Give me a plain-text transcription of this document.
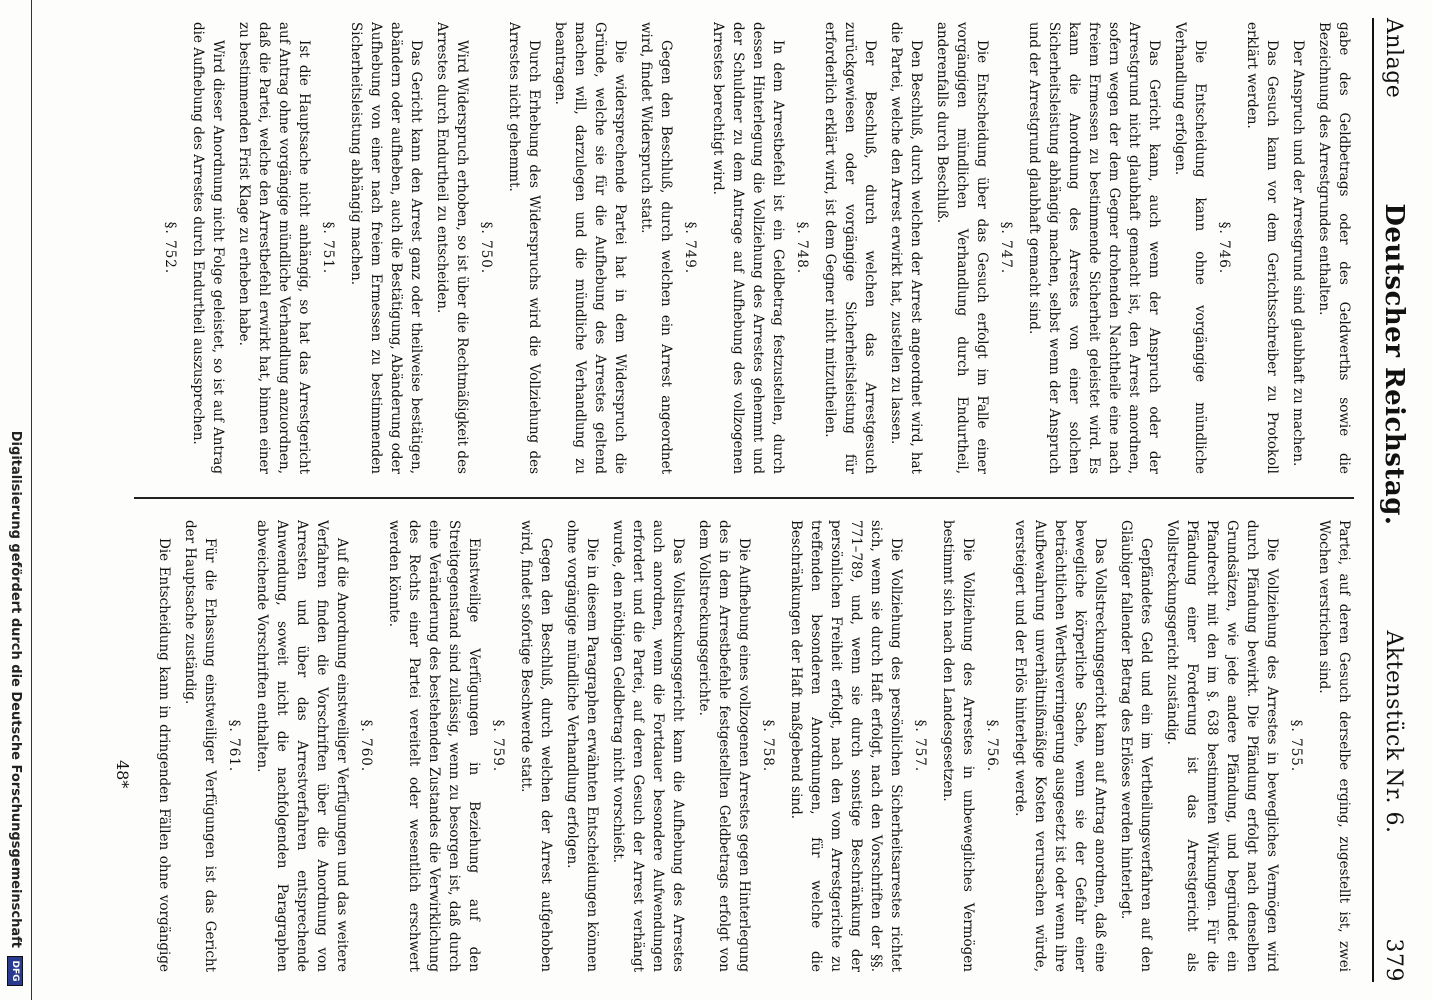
Anlage
Deutscher Reichstag.
Aktenstück Nr. 6.
379

gabe des Geldbetrags oder des Geldwerths sowie die Bezeichnung des Arrestgrundes enthalten.

Der Anspruch und der Arrestgrund sind glaubhaft zu machen.

Das Gesuch kann vor dem Gerichtsschreiber zu Protokoll erklärt werden.

§. 746.

Die Entscheidung kann ohne vorgängige mündliche Verhandlung erfolgen.

Das Gericht kann, auch wenn der Anspruch oder der Arrestgrund nicht glaubhaft gemacht ist, den Arrest anordnen, sofern wegen der dem Gegner drohenden Nachtheile eine nach freiem Ermessen zu bestimmende Sicherheit geleistet wird. Es kann die Anordnung des Arrestes von einer solchen Sicherheitsleistung abhängig machen, selbst wenn der Anspruch und der Arrestgrund glaubhaft gemacht sind.

§. 747.

Die Entscheidung über das Gesuch erfolgt im Falle einer vorgängigen mündlichen Verhandlung durch Endurtheil, anderenfalls durch Beschluß.

Den Beschluß, durch welchen der Arrest angeordnet wird, hat die Partei, welche den Arrest erwirkt hat, zustellen zu lassen.

Der Beschluß, durch welchen das Arrestgesuch zurückgewiesen oder vorgängige Sicherheitsleistung für erforderlich erklärt wird, ist dem Gegner nicht mitzutheilen.

§. 748.

In dem Arrestbefehl ist ein Geldbetrag festzustellen, durch dessen Hinterlegung die Vollziehung des Arrestes gehemmt und der Schuldner zu dem Antrage auf Aufhebung des vollzogenen Arrestes berechtigt wird.

§. 749.

Gegen den Beschluß, durch welchen ein Arrest angeordnet wird, findet Widerspruch statt.

Die widersprechende Partei hat in dem Widerspruch die Gründe, welche sie für die Aufhebung des Arrestes geltend machen will, darzulegen und die mündliche Verhandlung zu beantragen.

Durch Erhebung des Widerspruchs wird die Vollziehung des Arrestes nicht gehemmt.

§. 750.

Wird Widerspruch erhoben, so ist über die Rechtmäßigkeit des Arrestes durch Endurtheil zu entscheiden.

Das Gericht kann den Arrest ganz oder theilweise bestätigen, abändern oder aufheben, auch die Bestätigung, Abänderung oder Aufhebung von einer nach freiem Ermessen zu bestimmenden Sicherheitsleistung abhängig machen.

§. 751.

Ist die Hauptsache nicht anhängig, so hat das Arrestgericht auf Antrag ohne vorgängige mündliche Verhandlung anzuordnen, daß die Partei, welche den Arrestbefehl erwirkt hat, binnen einer zu bestimmenden Frist Klage zu erheben habe.

Wird dieser Anordnung nicht Folge geleistet, so ist auf Antrag die Aufhebung des Arrestes durch Endurtheil auszusprechen.

§. 752.

Partei, auf deren Gesuch derselbe erging, zugestellt ist, zwei Wochen verstrichen sind.

§. 755.

Die Vollziehung des Arrestes in bewegliches Vermögen wird durch Pfändung bewirkt. Die Pfändung erfolgt nach denselben Grundsätzen, wie jede andere Pfändung, und begründet ein Pfandrecht mit den im §. 638 bestimmten Wirkungen. Für die Pfändung einer Forderung ist das Arrestgericht als Vollstreckungsgericht zuständig.

Gepfändetes Geld und ein im Vertheilungsverfahren auf den Gläubiger fallender Betrag des Erlöses werden hinterlegt.

Das Vollstreckungsgericht kann auf Antrag anordnen, daß eine bewegliche körperliche Sache, wenn sie der Gefahr einer beträchtlichen Werthsverringerung ausgesetzt ist oder wenn ihre Aufbewahrung unverhältnißmäßige Kosten verursachen würde, versteigert und der Erlös hinterlegt werde.

§. 756.

Die Vollziehung des Arrestes in unbewegliches Vermögen bestimmt sich nach den Landesgesetzen.

§. 757.

Die Vollziehung des persönlichen Sicherheitsarrestes richtet sich, wenn sie durch Haft erfolgt, nach den Vorschriften der §§. 771–789, und, wenn sie durch sonstige Beschränkung der persönlichen Freiheit erfolgt, nach den vom Arrestgerichte zu treffenden besonderen Anordnungen, für welche die Beschränkungen der Haft maßgebend sind.

§. 758.

Die Aufhebung eines vollzogenen Arrestes gegen Hinterlegung des in dem Arrestbefehle festgestellten Geldbetrags erfolgt von dem Vollstreckungsgerichte.

Das Vollstreckungsgericht kann die Aufhebung des Arrestes auch anordnen, wenn die Fortdauer besondere Aufwendungen erfordert und die Partei, auf deren Gesuch der Arrest verhängt wurde, den nöthigen Geldbetrag nicht vorschießt.

Die in diesem Paragraphen erwähnten Entscheidungen können ohne vorgängige mündliche Verhandlung erfolgen.

Gegen den Beschluß, durch welchen der Arrest aufgehoben wird, findet sofortige Beschwerde statt.

§. 759.

Einstweilige Verfügungen in Beziehung auf den Streitgegenstand sind zulässig, wenn zu besorgen ist, daß durch eine Veränderung des bestehenden Zustandes die Verwirklichung des Rechts einer Partei vereitelt oder wesentlich erschwert werden könnte.

§. 760.

Auf die Anordnung einstweiliger Verfügungen und das weitere Verfahren finden die Vorschriften über die Anordnung von Arresten und über das Arrestverfahren entsprechende Anwendung, soweit nicht die nachfolgenden Paragraphen abweichende Vorschriften enthalten.

§. 761.

Für die Erlassung einstweiliger Verfügungen ist das Gericht der Hauptsache zuständig.

Die Entscheidung kann in dringenden Fällen ohne vorgängige

48*
Digitalisierung gefördert durch die Deutsche Forschungsgemeinschaft
DFG
